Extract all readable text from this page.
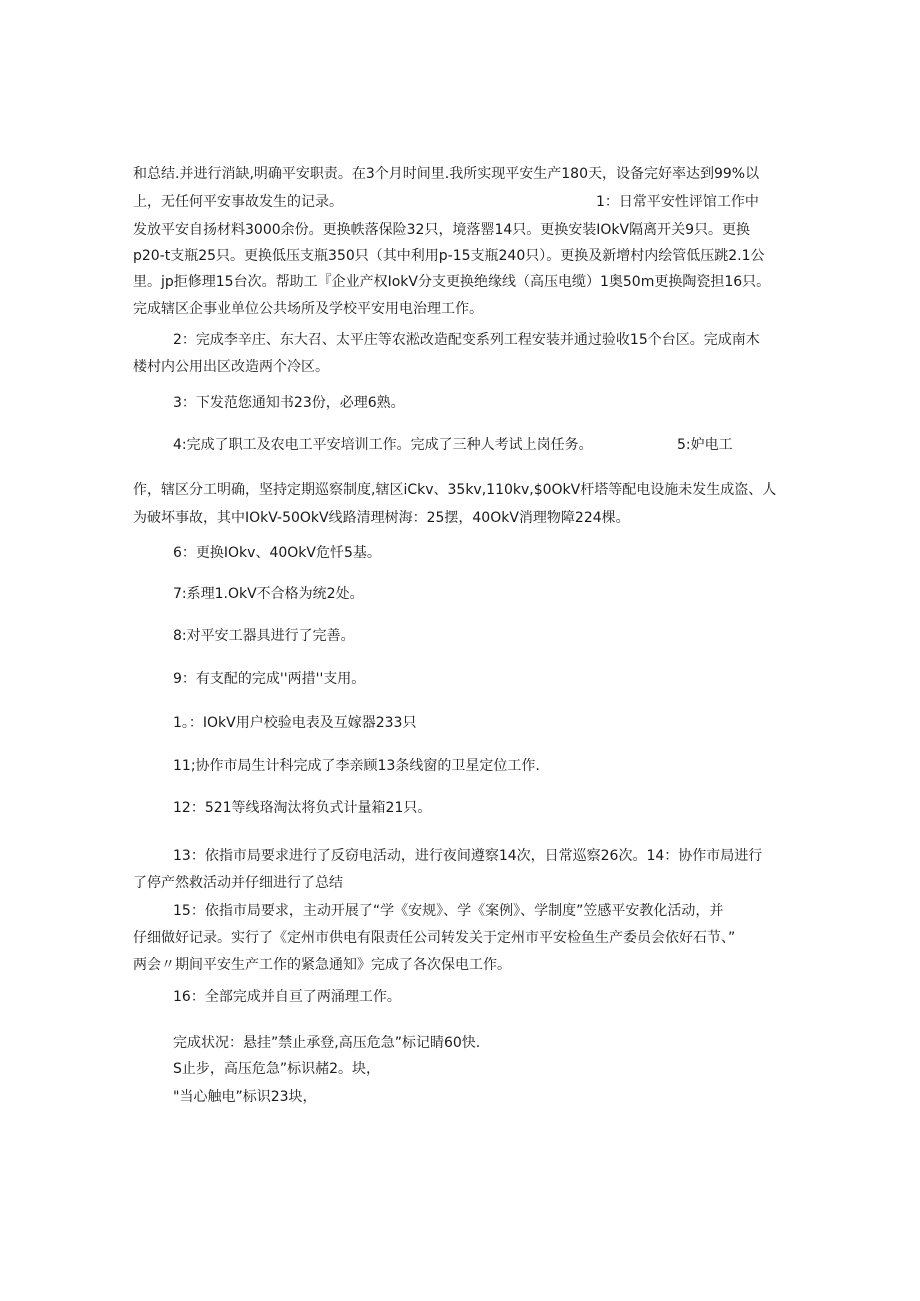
和总结.并进行消缺,明确平安职责。在3个月时间里.我所实现平安生产180天，设备完好率达到99%以
上，无任何平安事故发生的记录。	1：日常平安性评馆工作中
发放平安自扬材料3000余份。更换帙落保险32只，境落罂14只。更换安装IOkV隔离开关9只。更换
p20-t支瓶25只。更换低压支瓶350只（其中利用p-15支瓶240只）。更换及新增村内绘管低压跳2.1公
里。jp拒修理15台次。帮助工『企业产权IokV分支更换绝缘线（高压电缆）1奥50m更换陶瓷担16只。
完成辖区企事业单位公共场所及学校平安用电治理工作。
2：完成李辛庄、东大召、太平庄等农淞改造配变系列工程安装并通过验收15个台区。完成南木
楼村内公用出区改造两个冷区。
3：下发范您通知书23份，必理6熟。
4:完成了职工及农电工平安培训工作。完成了三种人考试上岗任务。	5:妒电工
作，辖区分工明确，坚持定期巡察制度,辖区iCkv、35kv,110kv,$0OkV杆塔等配电设施未发生成盗、人
为破坏事故，其中IOkV-50OkV线路清理树海：25摆，40OkV消理物障224棵。
6：更换IOkv、40OkV危忏5基。
7:系理1.OkV不合格为统2处。
8:对平安工器具进行了完善。
9：有支配的完成''两措''支用。
1。：IOkV用户校验电表及互嫁器233只
11;协作市局生计科完成了李亲顾13条线窗的卫星定位工作.
12：521等线珞淘汰将负式计量箱21只。
13：依指市局要求进行了反窃电活动，进行夜间遵察14次，日常巡察26次。14：协作市局进行
了停产然救活动并仔细进行了总结
15：依指市局要求，主动开展了“学《安规》、学《案例》、学制度”笠感平安教化活动，并
仔细做好记录。实行了《定州市供电有限责任公司转发关于定州市平安检鱼生产委员会依好石节、”
两会〃期间平安生产工作的紧急通知》完成了各次保电工作。
16：全部完成并自亘了两涌理工作。
完成状况：悬挂”禁止承登,高压危急”标记睛60快.
S止步，高压危急”标识赭2。块，
"当心触电”标识23块，
